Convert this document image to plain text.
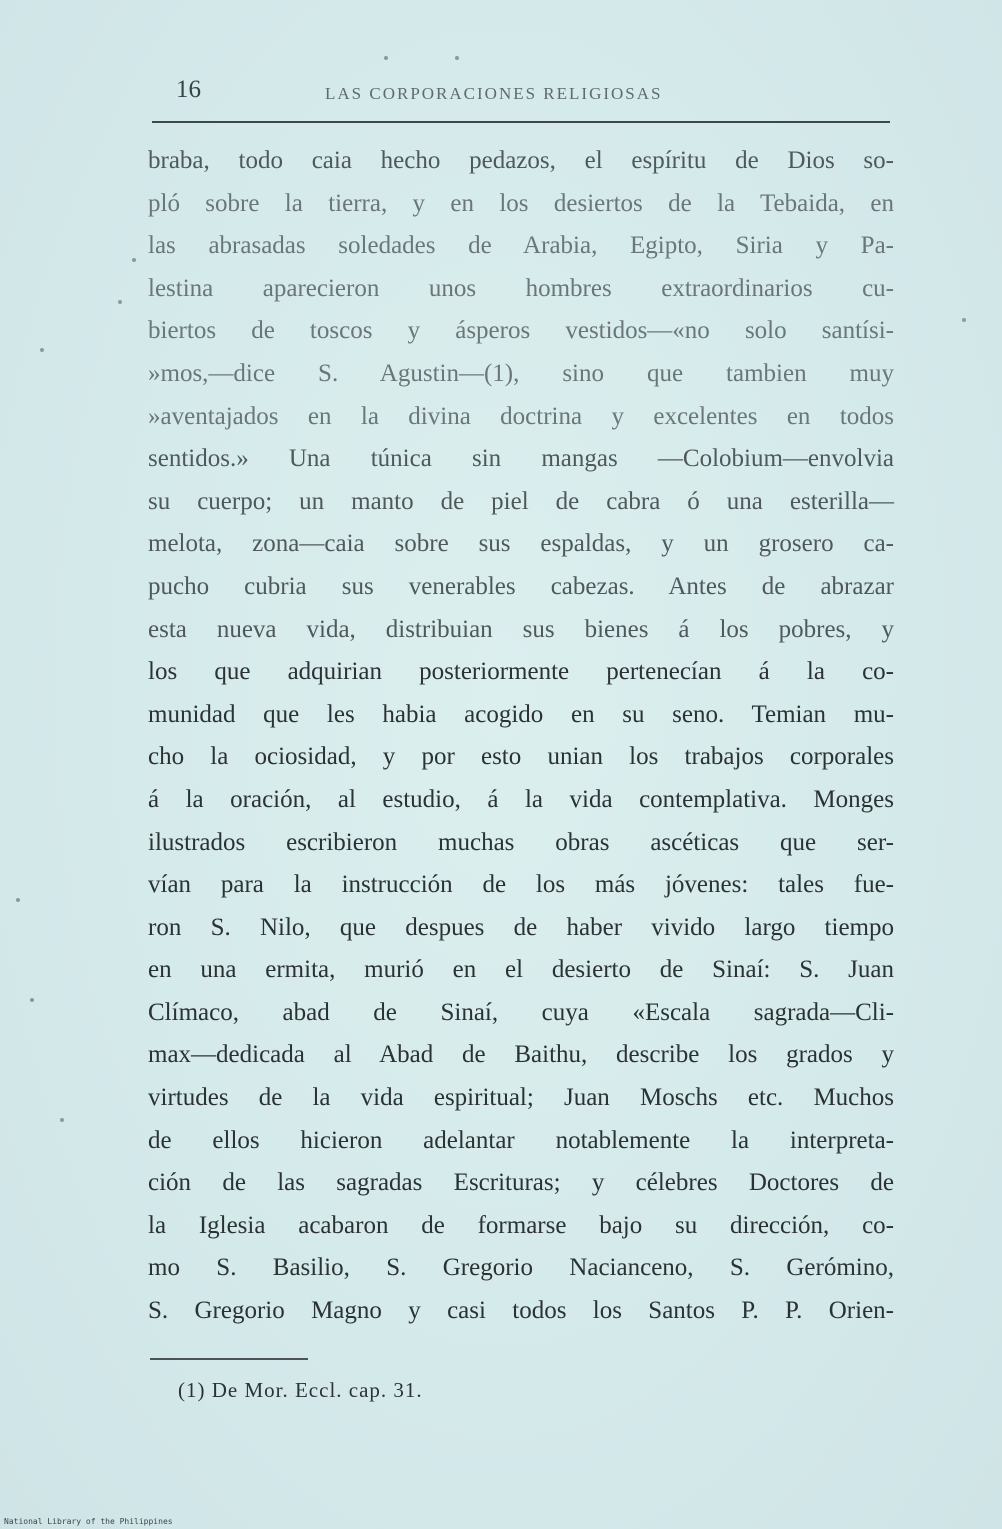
16	LAS CORPORACIONES RELIGIOSAS
braba, todo caia hecho pedazos, el espíritu de Dios so-
pló sobre la tierra, y en los desiertos de la Tebaida, en
las abrasadas soledades de Arabia, Egipto, Siria y Pa-
lestina aparecieron unos hombres extraordinarios cu-
biertos de toscos y ásperos vestidos—«no solo santísi-
»mos,—dice S. Agustin—(1), sino que tambien muy
»aventajados en la divina doctrina y excelentes en todos
sentidos.» Una túnica sin mangas —Colobium—envolvia
su cuerpo; un manto de piel de cabra ó una esterilla—
melota, zona—caia sobre sus espaldas, y un grosero ca-
pucho cubria sus venerables cabezas. Antes de abrazar
esta nueva vida, distribuian sus bienes á los pobres, y
los que adquirian posteriormente pertenecían á la co-
munidad que les habia acogido en su seno. Temian mu-
cho la ociosidad, y por esto unian los trabajos corporales
á la oración, al estudio, á la vida contemplativa. Monges
ilustrados escribieron muchas obras ascéticas que ser-
vían para la instrucción de los más jóvenes: tales fue-
ron S. Nilo, que despues de haber vivido largo tiempo
en una ermita, murió en el desierto de Sinaí: S. Juan
Clímaco, abad de Sinaí, cuya «Escala sagrada—Cli-
max—dedicada al Abad de Baithu, describe los grados y
virtudes de la vida espiritual; Juan Moschs etc. Muchos
de ellos hicieron adelantar notablemente la interpreta-
ción de las sagradas Escrituras; y célebres Doctores de
la Iglesia acabaron de formarse bajo su dirección, co-
mo S. Basilio, S. Gregorio Nacianceno, S. Gerómino,
S. Gregorio Magno y casi todos los Santos P. P. Orien-
(1) De Mor. Eccl. cap. 31.
National Library of the Philippines
